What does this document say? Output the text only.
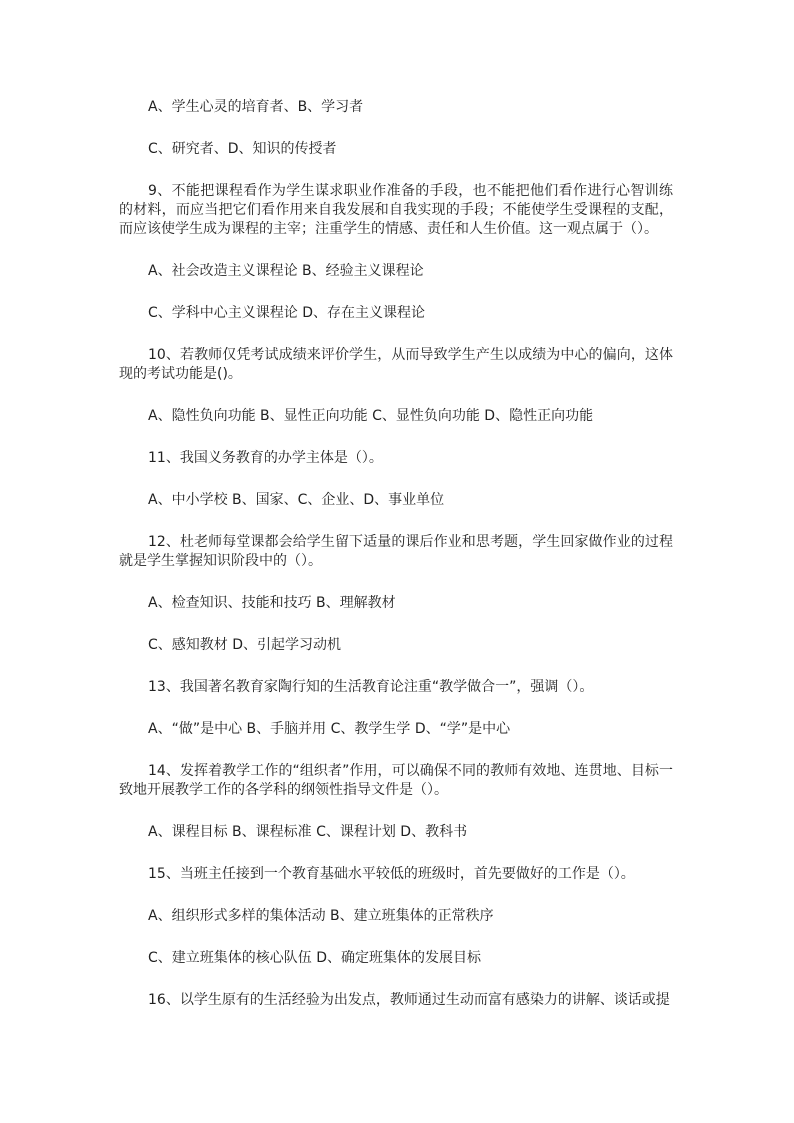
A、学生心灵的培育者、B、学习者

C、研究者、D、知识的传授者

9、不能把课程看作为学生谋求职业作准备的手段，也不能把他们看作进行心智训练的材料，而应当把它们看作用来自我发展和自我实现的手段；不能使学生受课程的支配，而应该使学生成为课程的主宰；注重学生的情感、责任和人生价值。这一观点属于（）。

A、社会改造主义课程论 B、经验主义课程论

C、学科中心主义课程论 D、存在主义课程论

10、若教师仅凭考试成绩来评价学生，从而导致学生产生以成绩为中心的偏向，这体现的考试功能是()。

A、隐性负向功能 B、显性正向功能 C、显性负向功能 D、隐性正向功能

11、我国义务教育的办学主体是（）。

A、中小学校 B、国家、C、企业、D、事业单位

12、杜老师每堂课都会给学生留下适量的课后作业和思考题，学生回家做作业的过程就是学生掌握知识阶段中的（）。

A、检查知识、技能和技巧 B、理解教材

C、感知教材 D、引起学习动机

13、我国著名教育家陶行知的生活教育论注重“教学做合一”，强调（）。

A、“做”是中心 B、手脑并用 C、教学生学 D、“学”是中心

14、发挥着教学工作的“组织者”作用，可以确保不同的教师有效地、连贯地、目标一致地开展教学工作的各学科的纲领性指导文件是（）。

A、课程目标 B、课程标准 C、课程计划 D、教科书

15、当班主任接到一个教育基础水平较低的班级时，首先要做好的工作是（）。

A、组织形式多样的集体活动 B、建立班集体的正常秩序

C、建立班集体的核心队伍 D、确定班集体的发展目标

16、以学生原有的生活经验为出发点，教师通过生动而富有感染力的讲解、谈话或提
